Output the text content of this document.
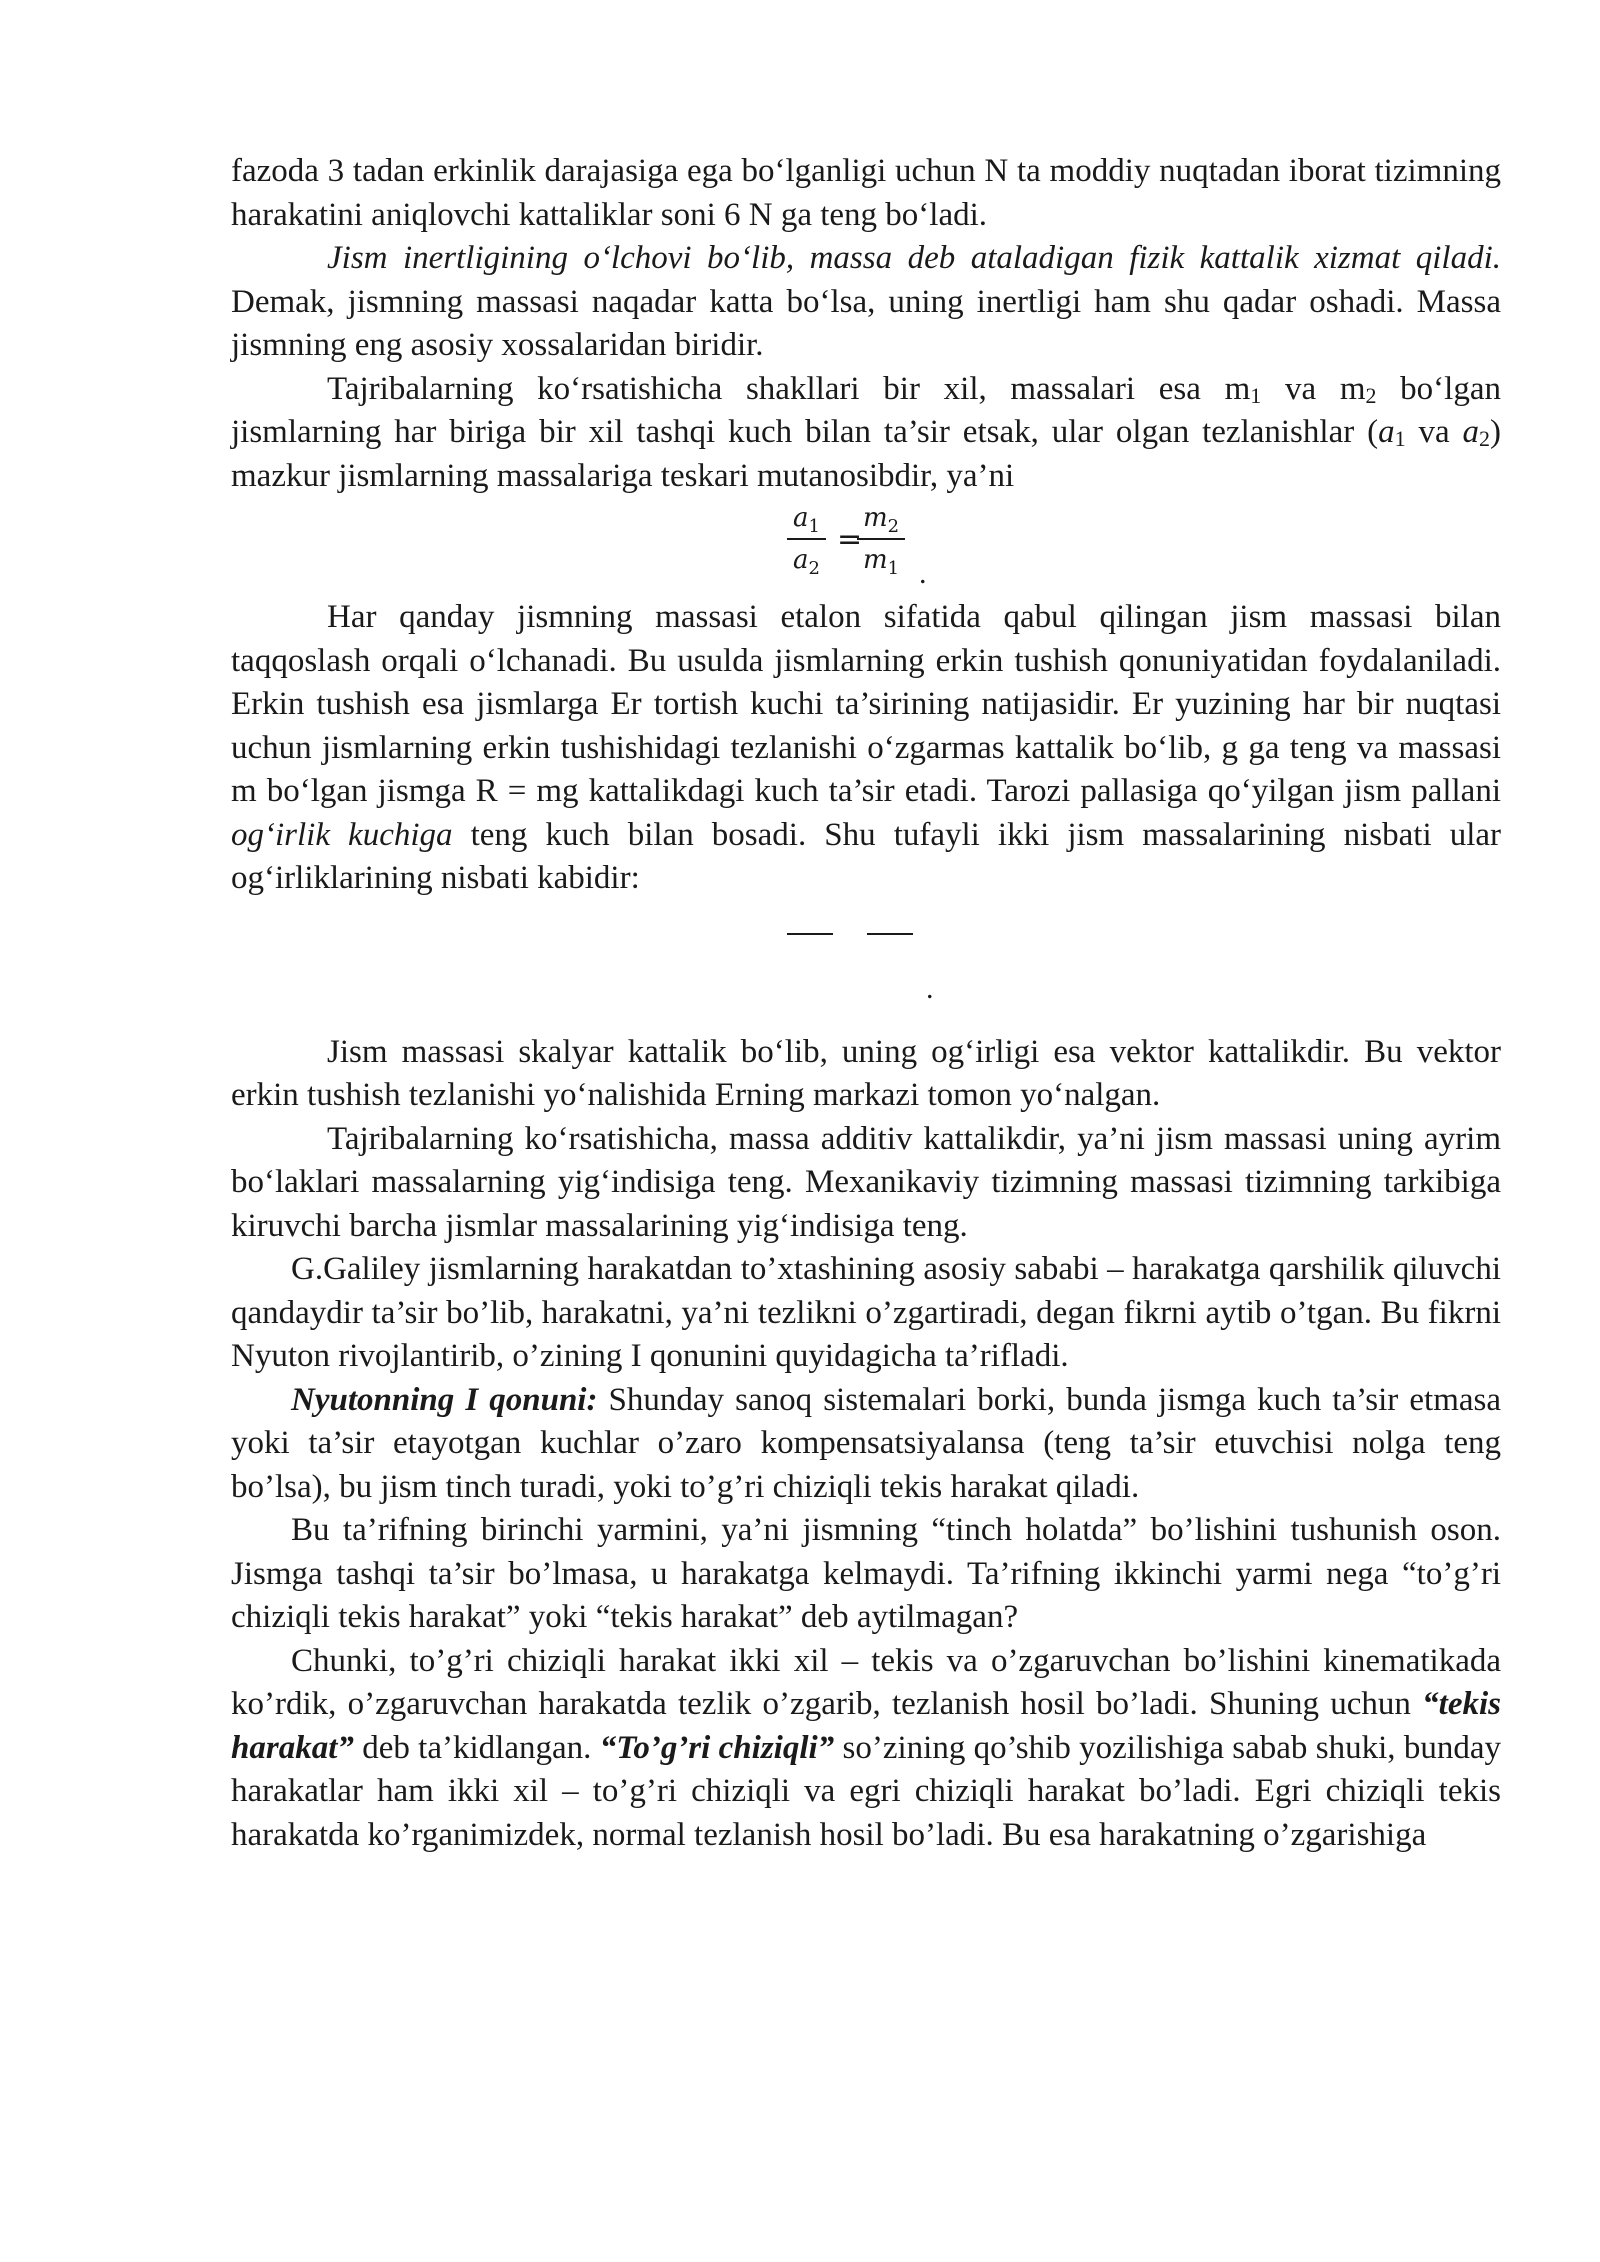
fazoda 3 tadan erkinlik darajasiga ega bo‘lganligi uchun N ta moddiy nuqtadan iborat tizimning harakatini aniqlovchi kattaliklar soni 6 N ga teng bo‘ladi.

Jism inertligining o‘lchovi bo‘lib, massa deb ataladigan fizik kattalik xizmat qiladi. Demak, jismning massasi naqadar katta bo‘lsa, uning inertligi ham shu qadar oshadi. Massa jismning eng asosiy xossalaridan biridir.

Tajribalarning ko‘rsatishicha shakllari bir xil, massalari esa $m_1$ va $m_2$ bo‘lgan jismlarning har biriga bir xil tashqi kuch bilan ta’sir etsak, ular olgan tezlanishlar ($a_1$ va $a_2$) mazkur jismlarning massalariga teskari mutanosibdir, ya’ni

$\frac{a_1}{a_2}$ =
$\frac{m_2}{m_1}$ .

Har qanday jismning massasi etalon sifatida qabul qilingan jism massasi bilan taqqoslash orqali o‘lchanadi. Bu usulda jismlarning erkin tushish qonuniyatidan foydalaniladi. Erkin tushish esa jismlarga Er tortish kuchi ta’sirining natijasidir. Er yuzining har bir nuqtasi uchun jismlarning erkin tushishidagi tezlanishi o‘zgarmas kattalik bo‘lib, g ga teng va massasi m bo‘lgan jismga R = mg kattalikdagi kuch ta’sir etadi. Tarozi pallasiga qo‘yilgan jism pallani og‘irlik kuchiga teng kuch bilan bosadi. Shu tufayli ikki jism massalarining nisbati ular og‘irliklarining nisbati kabidir:

.

Jism massasi skalyar kattalik bo‘lib, uning og‘irligi esa vektor kattalikdir. Bu vektor erkin tushish tezlanishi yo‘nalishida Erning markazi tomon yo‘nalgan.

Tajribalarning ko‘rsatishicha, massa additiv kattalikdir, ya’ni jism massasi uning ayrim bo‘laklari massalarning yig‘indisiga teng. Mexanikaviy tizimning massasi tizimning tarkibiga kiruvchi barcha jismlar massalarining yig‘indisiga teng.

G.Galiley jismlarning harakatdan to’xtashining asosiy sababi – harakatga qarshilik qiluvchi qandaydir ta’sir bo’lib, harakatni, ya’ni tezlikni o’zgartiradi, degan fikrni aytib o’tgan. Bu fikrni Nyuton rivojlantirib, o’zining I qonunini quyidagicha ta’rifladi.

Nyutonning I qonuni: Shunday sanoq sistemalari borki, bunda jismga kuch ta’sir etmasa yoki ta’sir etayotgan kuchlar o’zaro kompensatsiyalansa (teng ta’sir etuvchisi nolga teng bo’lsa), bu jism tinch turadi, yoki to’g’ri chiziqli tekis harakat qiladi.

Bu ta’rifning birinchi yarmini, ya’ni jismning “tinch holatda” bo’lishini tushunish oson. Jismga tashqi ta’sir bo’lmasa, u harakatga kelmaydi. Ta’rifning ikkinchi yarmi nega “to’g’ri chiziqli tekis harakat” yoki “tekis harakat” deb aytilmagan?

Chunki, to’g’ri chiziqli harakat ikki xil – tekis va o’zgaruvchan bo’lishini kinematikada ko’rdik, o’zgaruvchan harakatda tezlik o’zgarib, tezlanish hosil bo’ladi. Shuning uchun “tekis harakat” deb ta’kidlangan. “To’g’ri chiziqli” so’zining qo’shib yozilishiga sabab shuki, bunday harakatlar ham ikki xil – to’g’ri chiziqli va egri chiziqli harakat bo’ladi. Egri chiziqli tekis harakatda ko’rganimizdek, normal tezlanish hosil bo’ladi. Bu esa harakatning o’zgarishiga
